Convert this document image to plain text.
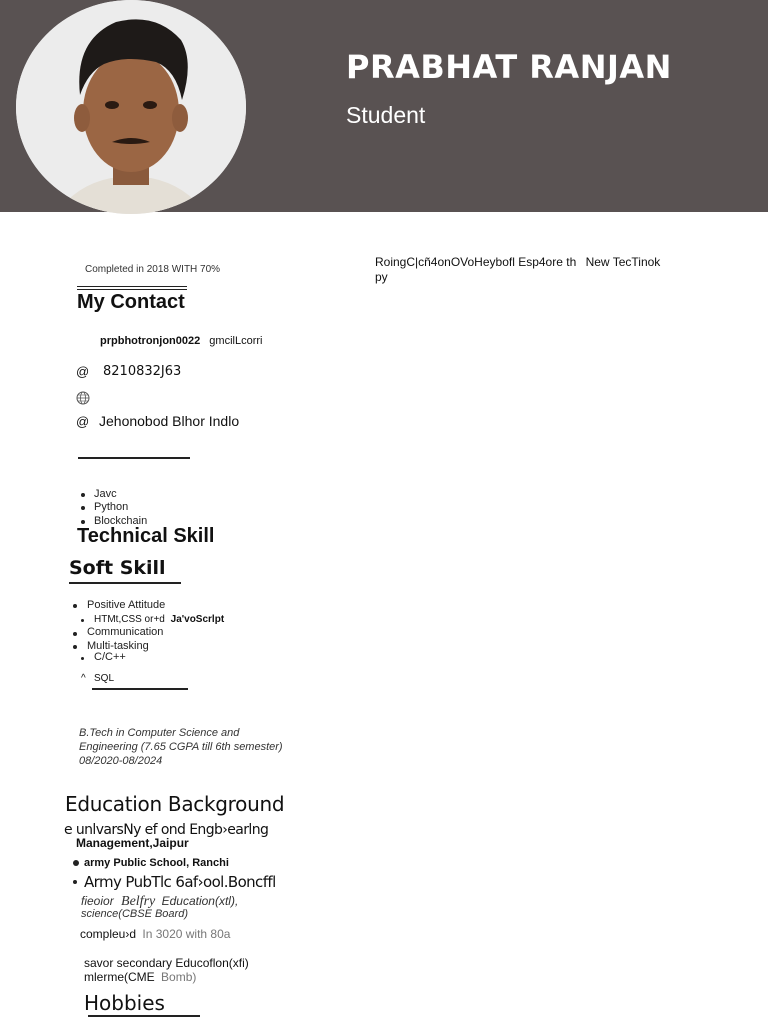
PRABHAT RANJAN
Student
RoingC|cñ4onOVoHeybofl Esp4ore th New TecTinok
py
Completed in 2018 WITH 70%
My Contact
prpbhotronjon0022 gmcilLcorri
@ 8210832J63
@ Jehonobod Blhor Indlo
Javc
Python
Blockchain
Technical Skill
Soft Skill
Positive Attitude
HTMt,CSS or+d Ja'voScrlpt
Communication
Multi-tasking
C/C++
^ SQL
B.Tech in Computer Science and
Engineering (7.65 CGPA till 6th semester)
08/2020-08/2024
Education Background
e unlvarsNy ef ond Engb›earlng
Management,Jaipur
army Public School, Ranchi
Army PubTlc 6af›ool.Boncffl
fieoior Belfry Education(xtl),
science(CBSE Board)
compleu›d In 3020 with 80a
savor secondary Educoflon(xfi)
mlerme(CME Bomb)
Hobbies
